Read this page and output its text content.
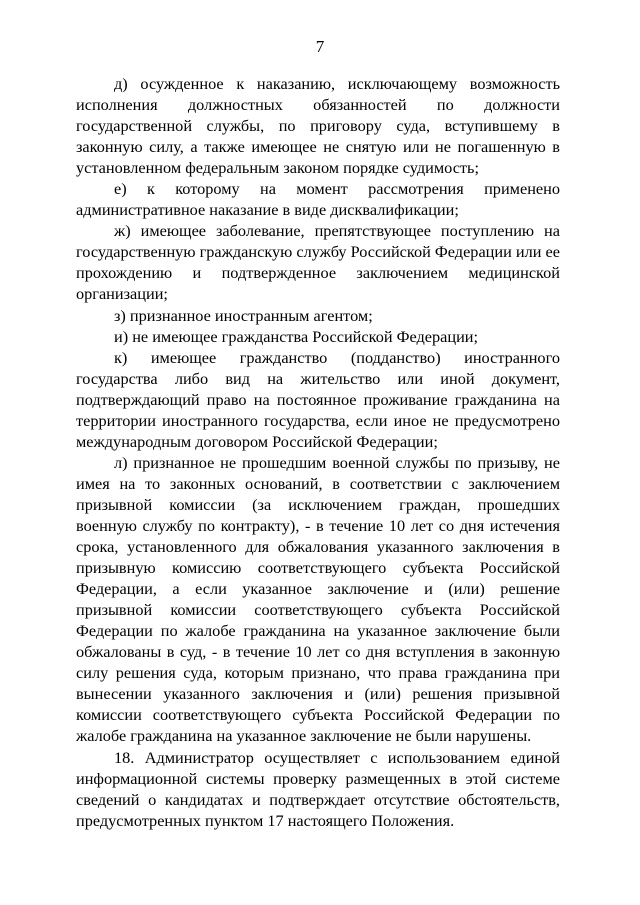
7

д) осужденное к наказанию, исключающему возможность исполнения должностных обязанностей по должности государственной службы, по приговору суда, вступившему в законную силу, а также имеющее не снятую или не погашенную в установленном федеральным законом порядке судимость;

е) к которому на момент рассмотрения применено административное наказание в виде дисквалификации;

ж) имеющее заболевание, препятствующее поступлению на государственную гражданскую службу Российской Федерации или ее прохождению и подтвержденное заключением медицинской организации;

з) признанное иностранным агентом;

и) не имеющее гражданства Российской Федерации;

к) имеющее гражданство (подданство) иностранного государства либо вид на жительство или иной документ, подтверждающий право на постоянное проживание гражданина на территории иностранного государства, если иное не предусмотрено международным договором Российской Федерации;

л) признанное не прошедшим военной службы по призыву, не имея на то законных оснований, в соответствии с заключением призывной комиссии (за исключением граждан, прошедших военную службу по контракту), - в течение 10 лет со дня истечения срока, установленного для обжалования указанного заключения в призывную комиссию соответствующего субъекта Российской Федерации, а если указанное заключение и (или) решение призывной комиссии соответствующего субъекта Российской Федерации по жалобе гражданина на указанное заключение были обжалованы в суд, - в течение 10 лет со дня вступления в законную силу решения суда, которым признано, что права гражданина при вынесении указанного заключения и (или) решения призывной комиссии соответствующего субъекта Российской Федерации по жалобе гражданина на указанное заключение не были нарушены.

18. Администратор осуществляет с использованием единой информационной системы проверку размещенных в этой системе сведений о кандидатах и подтверждает отсутствие обстоятельств, предусмотренных пунктом 17 настоящего Положения.
